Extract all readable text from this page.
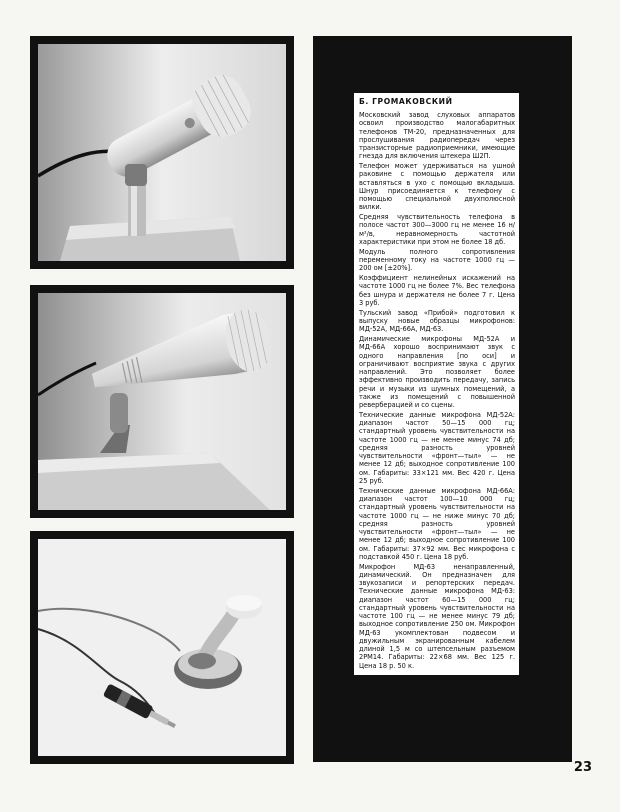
Б. ГРОМАКОВСКИЙ

Московский завод слуховых аппаратов освоил производство малогабаритных телефонов ТМ-20, предназначенных для прослушивания радиопередач через транзисторные радиоприемники, имеющие гнезда для включения штекера Ш2П.

Телефон может удерживаться на ушной раковине с помощью держателя или вставляться в ухо с помощью вкладыша. Шнур присоединяется к телефону с помощью специальной двухполюсной вилки.

Средняя чувствительность телефона в полосе частот 300—3000 гц не менее 16 н/м²/в, неравномерность частотной характеристики при этом не более 18 дб.

Модуль полного сопротивления переменному току на частоте 1000 гц — 200 ом [±20%].

Коэффициент нелинейных искажений на частоте 1000 гц не более 7%. Вес телефона без шнура и держателя не более 7 г. Цена 3 руб.

Тульский завод «Прибой» подготовил к выпуску новые образцы микрофонов: МД-52А, МД-66А, МД-63.

Динамические микрофоны МД-52А и МД-66А хорошо воспринимают звук с одного направления [по оси] и ограничивают восприятие звука с других направлений. Это позволяет более эффективно производить передачу, запись речи и музыки из шумных помещений, а также из помещений с повышенной реверберацией и со сцены.

Технические данные микрофона МД-52А: диапазон частот 50—15 000 гц; стандартный уровень чувствительности на частоте 1000 гц — не менее минус 74 дб; средняя разность уровней чувствительности «фронт—тыл» — не менее 12 дб; выходное сопротивление 100 ом. Габариты: 33×121 мм. Вес 420 г. Цена 25 руб.

Технические данные микрофона МД-66А: диапазон частот 100—10 000 гц; стандартный уровень чувствительности на частоте 1000 гц — не ниже минус 70 дб; средняя разность уровней чувствительности «фронт—тыл» — не менее 12 дб; выходное сопротивление 100 ом. Габариты: 37×92 мм. Вес микрофона с подставкой 450 г. Цена 18 руб.

Микрофон МД-63 ненаправленный, динамический. Он предназначен для звукозаписи и репортерских передач. Технические данные микрофона МД-63: диапазон частот 60—15 000 гц; стандартный уровень чувствительности на частоте 100 гц — не менее минус 79 дб; выходное сопротивление 250 ом. Микрофон МД-63 укомплектован подвесом и двужильным экранированным кабелем длиной 1,5 м со штепсельным разъемом 2РМ14. Габариты: 22×68 мм. Вес 125 г. Цена 18 р. 50 к.

23
